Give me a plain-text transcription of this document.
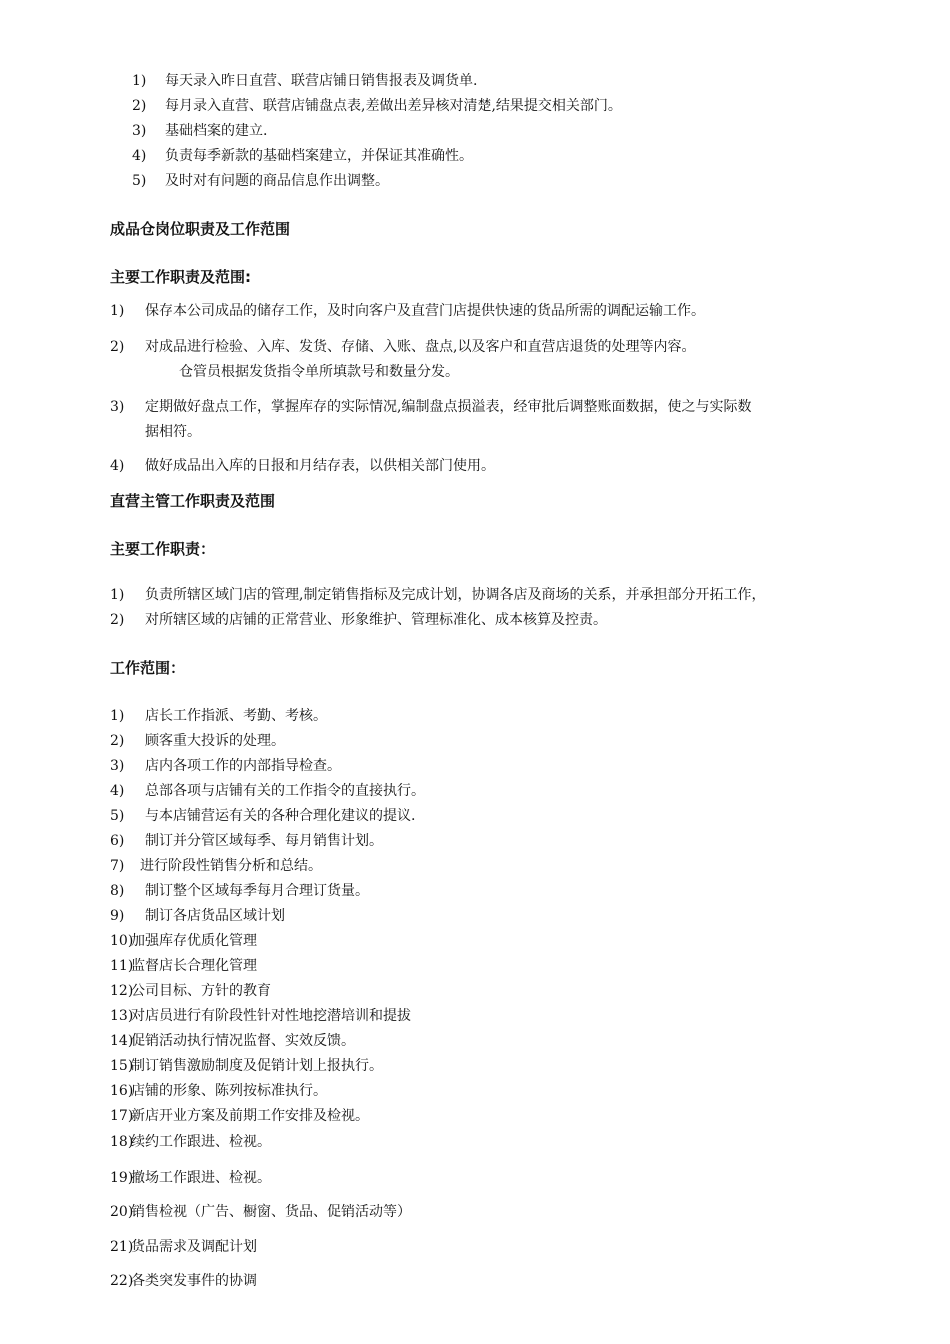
1) 每天录入昨日直营、联营店铺日销售报表及调货单.
2) 每月录入直营、联营店铺盘点表,差做出差异核对清楚,结果提交相关部门。
3) 基础档案的建立.
4) 负责每季新款的基础档案建立，并保证其准确性。
5) 及时对有问题的商品信息作出调整。
成品仓岗位职责及工作范围
主要工作职责及范围:
1) 保存本公司成品的储存工作，及时向客户及直营门店提供快速的货品所需的调配运输工作。
2) 对成品进行检验、入库、发货、存储、入账、盘点,以及客户和直营店退货的处理等内容。
仓管员根据发货指令单所填款号和数量分发。
3) 定期做好盘点工作，掌握库存的实际情况,编制盘点损溢表，经审批后调整账面数据，使之与实际数
据相符。
4) 做好成品出入库的日报和月结存表，以供相关部门使用。
直营主管工作职责及范围
主要工作职责：
1) 负责所辖区域门店的管理,制定销售指标及完成计划，协调各店及商场的关系，并承担部分开拓工作，
2) 对所辖区域的店铺的正常营业、形象维护、管理标准化、成本核算及控责。
工作范围：
1) 店长工作指派、考勤、考核。
2) 顾客重大投诉的处理。
3) 店内各项工作的内部指导检查。
4) 总部各项与店铺有关的工作指令的直接执行。
5) 与本店铺营运有关的各种合理化建议的提议.
6) 制订并分管区域每季、每月销售计划。
7) 进行阶段性销售分析和总结。
8) 制订整个区域每季每月合理订货量。
9) 制订各店货品区域计划
10)
加强库存优质化管理
11)
监督店长合理化管理
12)
公司目标、方针的教育
13)
对店员进行有阶段性针对性地挖潜培训和提拔
14)
促销活动执行情况监督、实效反馈。
15)
制订销售激励制度及促销计划上报执行。
16)
店铺的形象、陈列按标准执行。
17)
新店开业方案及前期工作安排及检视。
18)
续约工作跟进、检视。
19)
撤场工作跟进、检视。
20)
销售检视（广告、橱窗、货品、促销活动等）
21)
货品需求及调配计划
22)
各类突发事件的协调
